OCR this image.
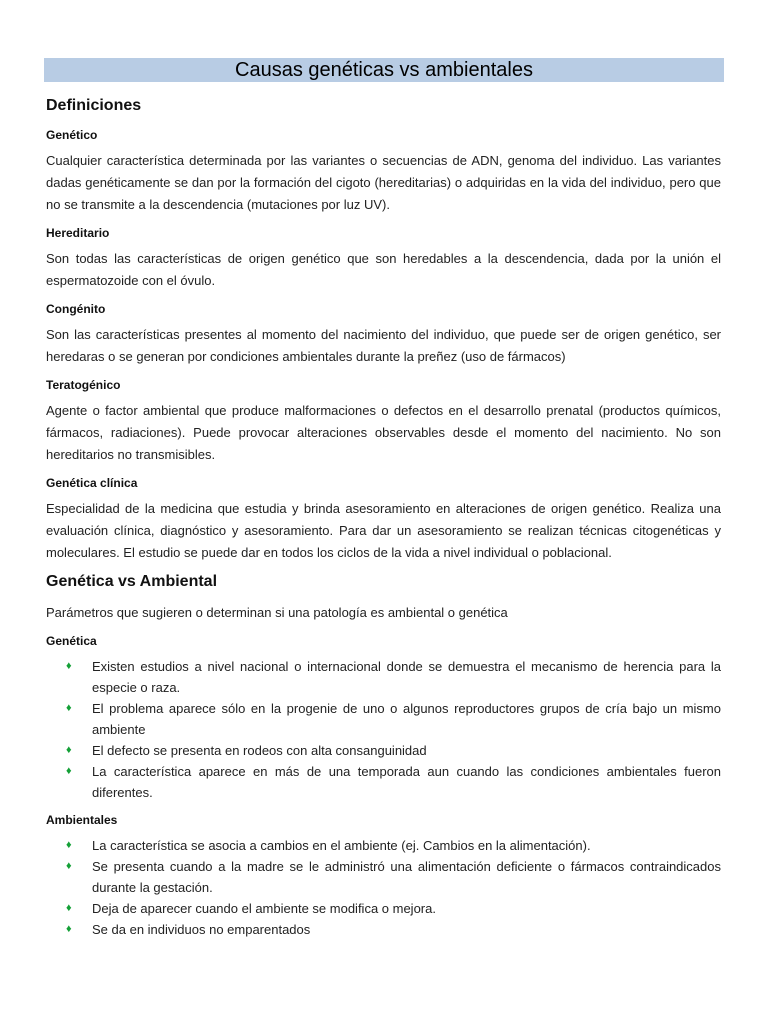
Causas genéticas vs ambientales
Definiciones
Genético

Cualquier característica determinada por las variantes o secuencias de ADN, genoma del individuo. Las variantes dadas genéticamente se dan por la formación del cigoto (hereditarias) o adquiridas en la vida del individuo, pero que no se transmite a la descendencia (mutaciones por luz UV).

Hereditario

Son todas las características de origen genético que son heredables a la descendencia, dada por la unión el espermatozoide con el óvulo.

Congénito

Son las características presentes al momento del nacimiento del individuo, que puede ser de origen genético, ser heredaras o se generan por condiciones ambientales durante la preñez (uso de fármacos)

Teratogénico

Agente o factor ambiental que produce malformaciones o defectos en el desarrollo prenatal (productos químicos, fármacos, radiaciones). Puede provocar alteraciones observables desde el momento del nacimiento. No son hereditarios no transmisibles.

Genética clínica

Especialidad de la medicina que estudia y brinda asesoramiento en alteraciones de origen genético. Realiza una evaluación clínica, diagnóstico y asesoramiento. Para dar un asesoramiento se realizan técnicas citogenéticas y moleculares. El estudio se puede dar en todos los ciclos de la vida a nivel individual o poblacional.

Genética vs Ambiental

Parámetros que sugieren o determinan si una patología es ambiental o genética

Genética
♦ Existen estudios a nivel nacional o internacional donde se demuestra el mecanismo de herencia para la especie o raza.
♦ El problema aparece sólo en la progenie de uno o algunos reproductores grupos de cría bajo un mismo ambiente
♦ El defecto se presenta en rodeos con alta consanguinidad
♦ La característica aparece en más de una temporada aun cuando las condiciones ambientales fueron diferentes.
Ambientales
♦ La característica se asocia a cambios en el ambiente (ej. Cambios en la alimentación).
♦ Se presenta cuando a la madre se le administró una alimentación deficiente o fármacos contraindicados durante la gestación.
♦ Deja de aparecer cuando el ambiente se modifica o mejora.
♦ Se da en individuos no emparentados
